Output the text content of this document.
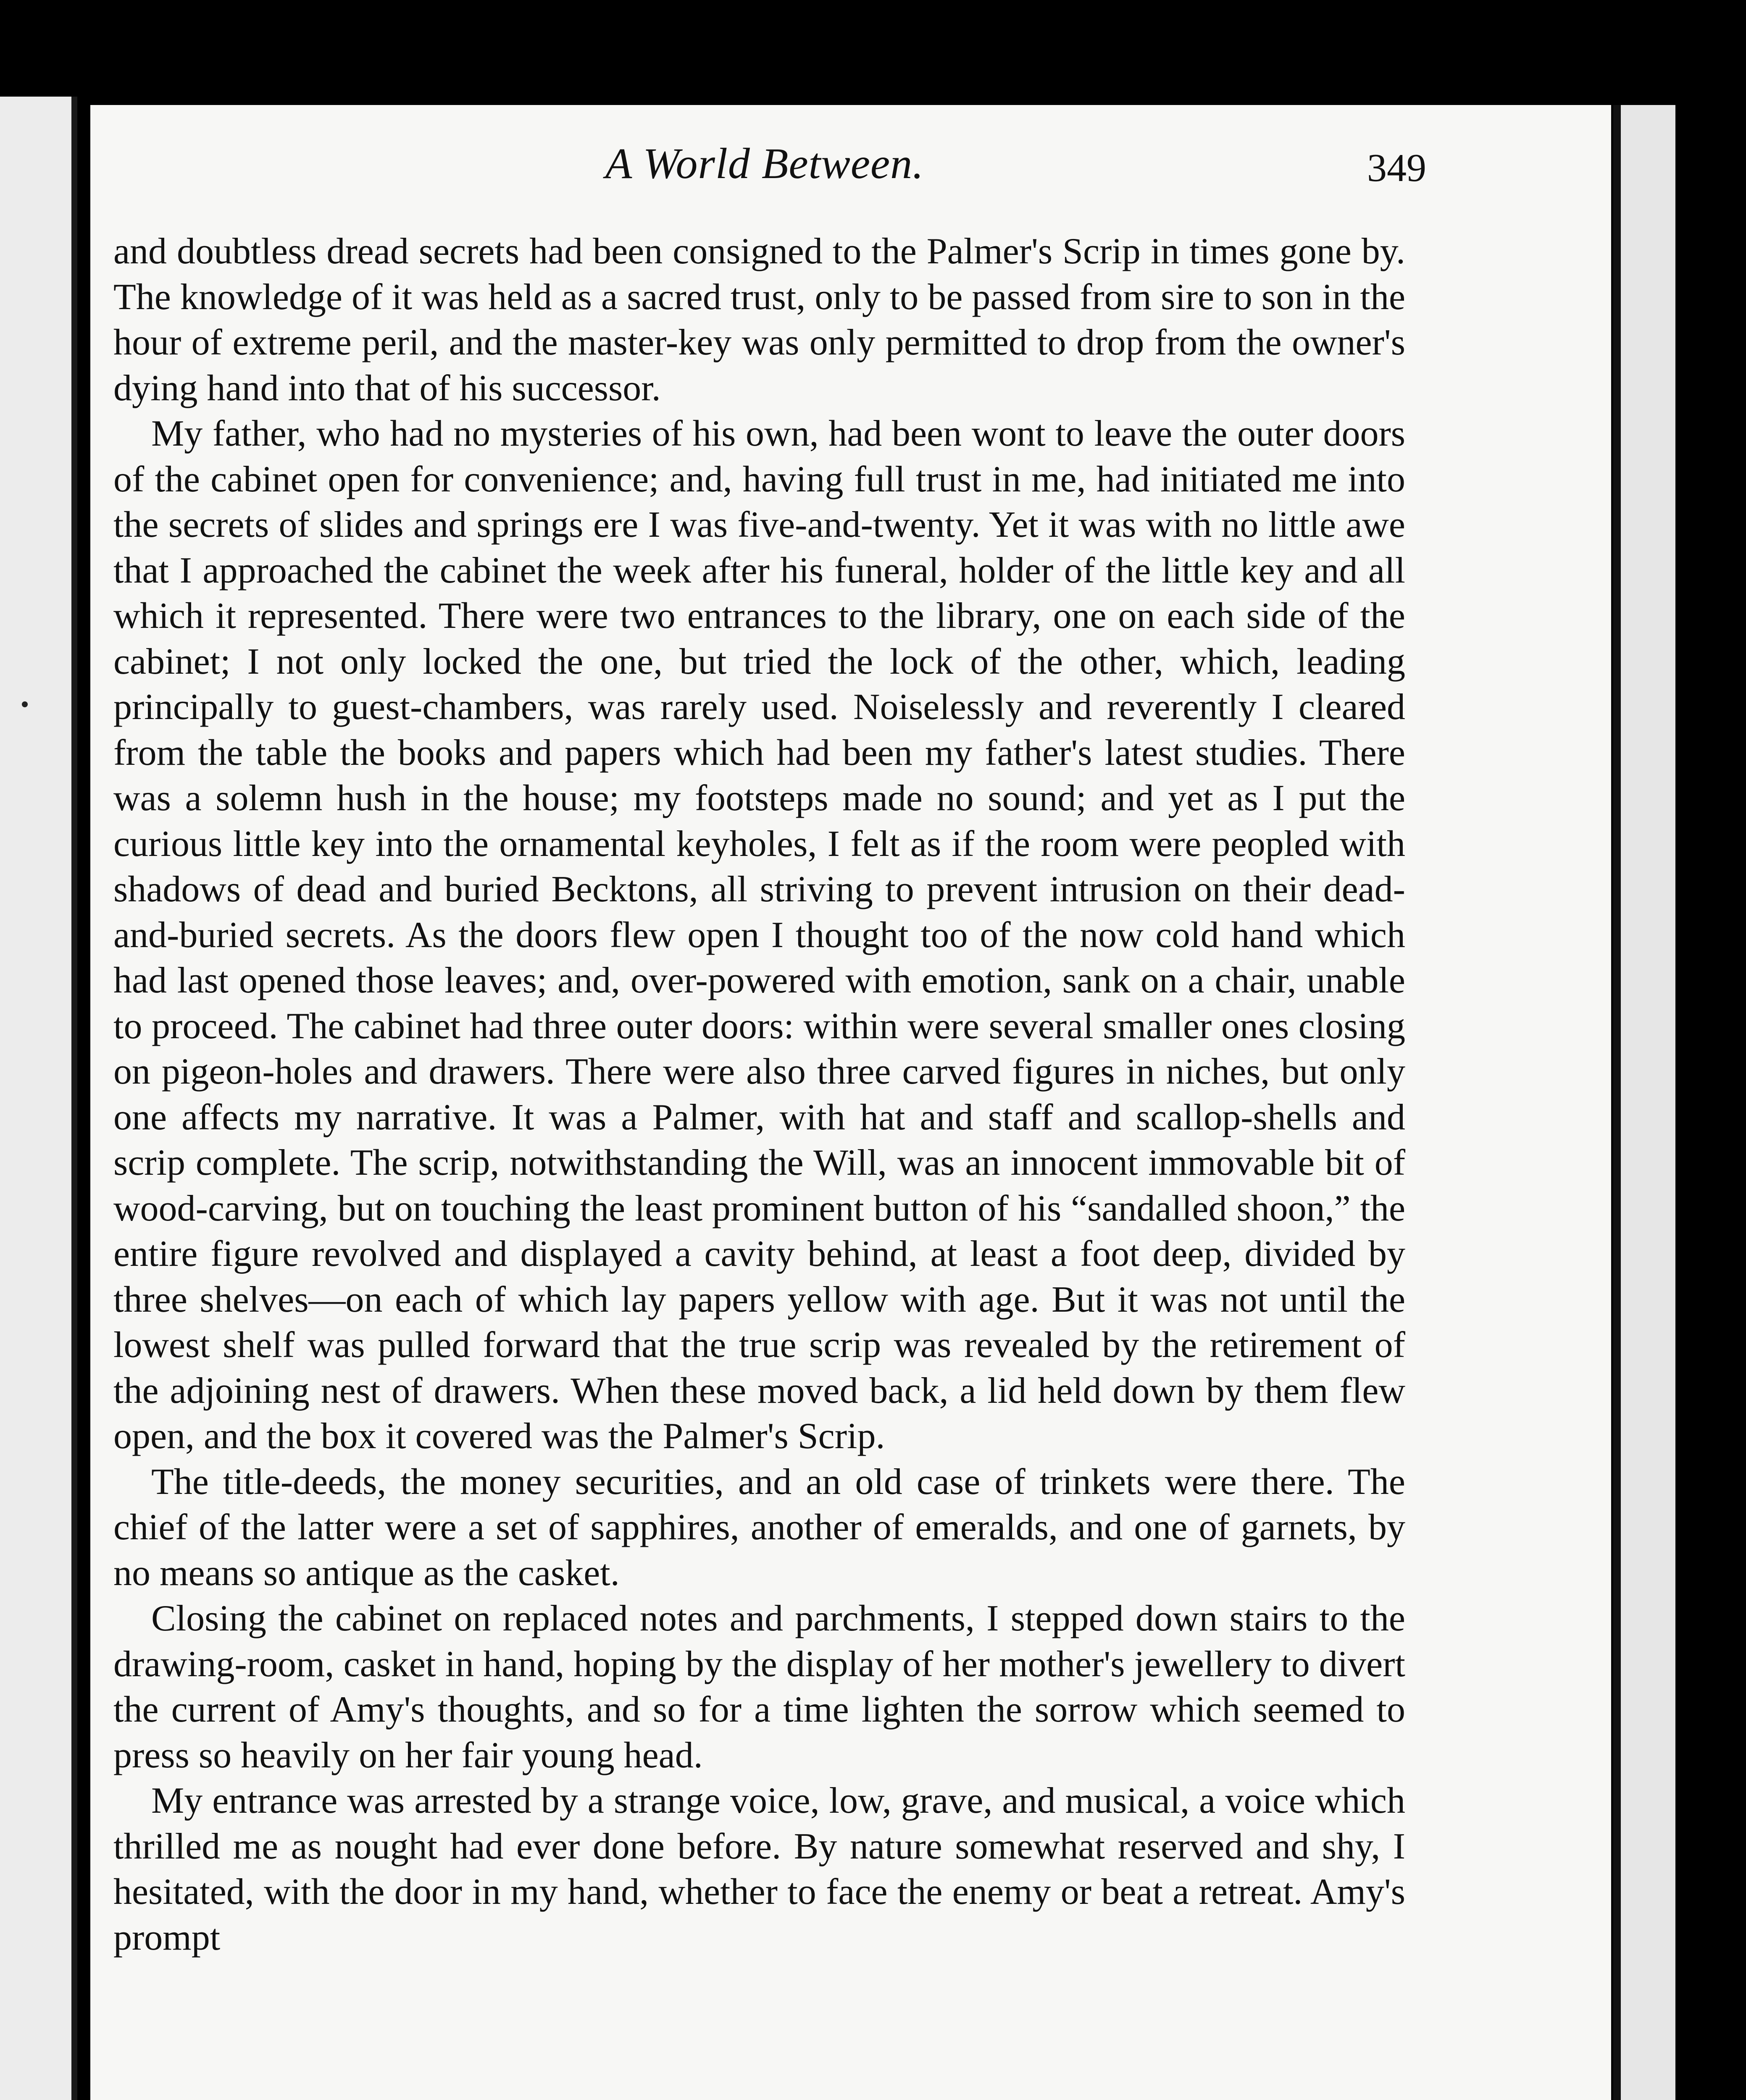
A World Between.	349

and doubtless dread secrets had been consigned to the Palmer's Scrip in times gone by. The knowledge of it was held as a sacred trust, only to be passed from sire to son in the hour of extreme peril, and the master-key was only permitted to drop from the owner's dying hand into that of his successor.

My father, who had no mysteries of his own, had been wont to leave the outer doors of the cabinet open for convenience; and, having full trust in me, had initiated me into the secrets of slides and springs ere I was five-and-twenty. Yet it was with no little awe that I approached the cabinet the week after his funeral, holder of the little key and all which it represented. There were two entrances to the library, one on each side of the cabinet; I not only locked the one, but tried the lock of the other, which, leading principally to guest-chambers, was rarely used. Noiselessly and reverently I cleared from the table the books and papers which had been my father's latest studies. There was a solemn hush in the house; my footsteps made no sound; and yet as I put the curious little key into the ornamental keyholes, I felt as if the room were peopled with shadows of dead and buried Becktons, all striving to prevent intrusion on their dead-and-buried secrets. As the doors flew open I thought too of the now cold hand which had last opened those leaves; and, over-powered with emotion, sank on a chair, unable to proceed. The cabinet had three outer doors: within were several smaller ones closing on pigeon-holes and drawers. There were also three carved figures in niches, but only one affects my narrative. It was a Palmer, with hat and staff and scallop-shells and scrip complete. The scrip, notwithstanding the Will, was an innocent immovable bit of wood-carving, but on touching the least prominent button of his “sandalled shoon,” the entire figure revolved and displayed a cavity behind, at least a foot deep, divided by three shelves—on each of which lay papers yellow with age. But it was not until the lowest shelf was pulled forward that the true scrip was revealed by the retirement of the adjoining nest of drawers. When these moved back, a lid held down by them flew open, and the box it covered was the Palmer's Scrip.

The title-deeds, the money securities, and an old case of trinkets were there. The chief of the latter were a set of sapphires, another of emeralds, and one of garnets, by no means so antique as the casket.

Closing the cabinet on replaced notes and parchments, I stepped down stairs to the drawing-room, casket in hand, hoping by the display of her mother's jewellery to divert the current of Amy's thoughts, and so for a time lighten the sorrow which seemed to press so heavily on her fair young head.

My entrance was arrested by a strange voice, low, grave, and musical, a voice which thrilled me as nought had ever done before. By nature somewhat reserved and shy, I hesitated, with the door in my hand, whether to face the enemy or beat a retreat. Amy's prompt
